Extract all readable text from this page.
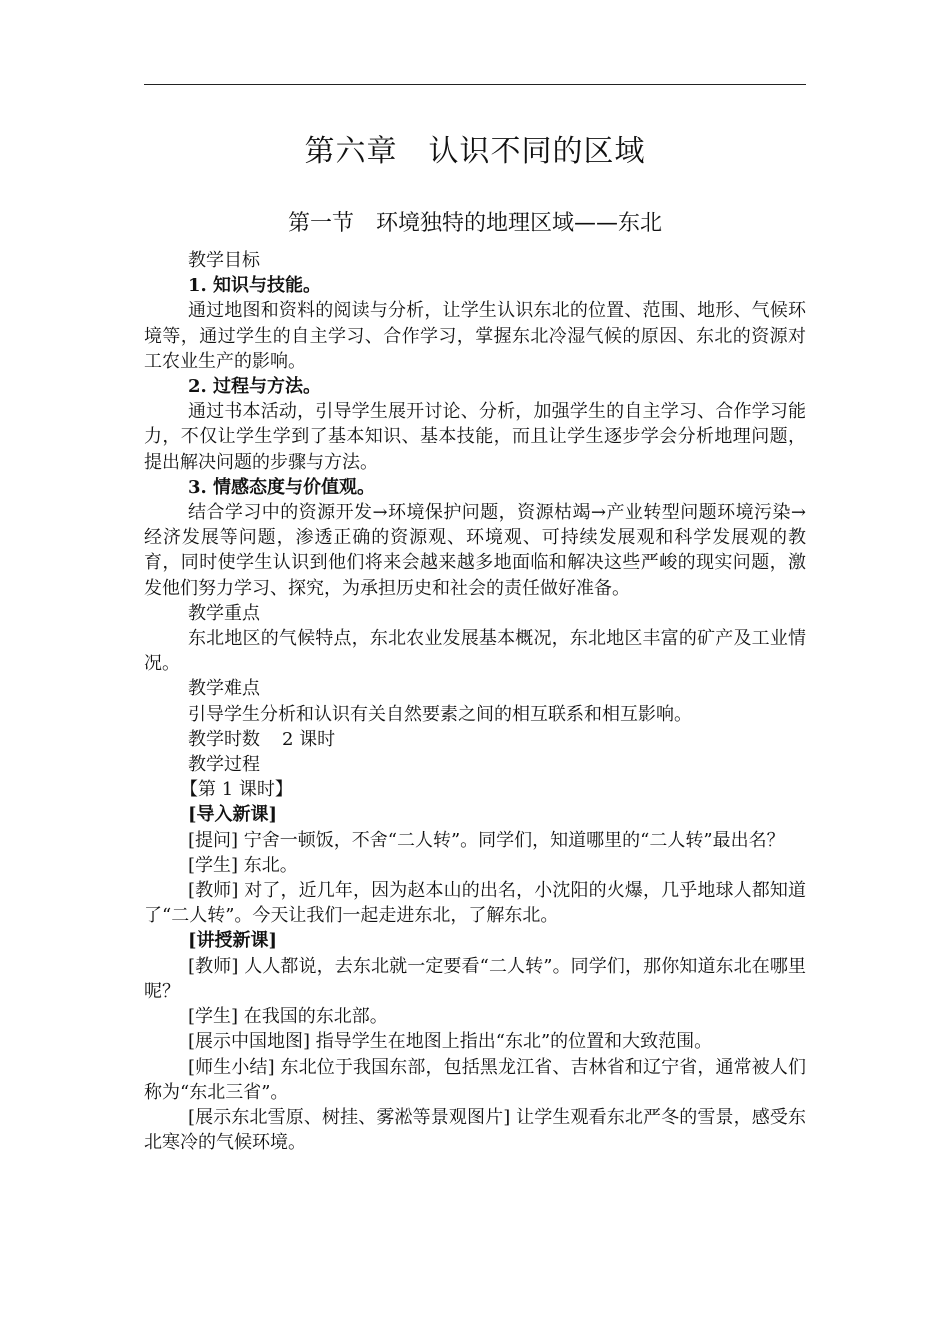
第六章　认识不同的区域
第一节　环境独特的地理区域——东北

教学目标

1. 知识与技能。

通过地图和资料的阅读与分析，让学生认识东北的位置、范围、地形、气候环境等，通过学生的自主学习、合作学习，掌握东北冷湿气候的原因、东北的资源对工农业生产的影响。

2. 过程与方法。

通过书本活动，引导学生展开讨论、分析，加强学生的自主学习、合作学习能力，不仅让学生学到了基本知识、基本技能，而且让学生逐步学会分析地理问题，提出解决问题的步骤与方法。

3. 情感态度与价值观。

结合学习中的资源开发→环境保护问题，资源枯竭→产业转型问题环境污染→经济发展等问题，渗透正确的资源观、环境观、可持续发展观和科学发展观的教育，同时使学生认识到他们将来会越来越多地面临和解决这些严峻的现实问题，激发他们努力学习、探究，为承担历史和社会的责任做好准备。

教学重点

东北地区的气候特点，东北农业发展基本概况，东北地区丰富的矿产及工业情况。

教学难点

引导学生分析和认识有关自然要素之间的相互联系和相互影响。

教学时数 2 课时

教学过程

【第 1 课时】

[导入新课]

[提问] 宁舍一顿饭，不舍“二人转”。同学们，知道哪里的“二人转”最出名？

[学生] 东北。

[教师] 对了，近几年，因为赵本山的出名，小沈阳的火爆，几乎地球人都知道了“二人转”。今天让我们一起走进东北，了解东北。

[讲授新课]

[教师] 人人都说，去东北就一定要看“二人转”。同学们，那你知道东北在哪里呢？

[学生] 在我国的东北部。

[展示中国地图] 指导学生在地图上指出“东北”的位置和大致范围。

[师生小结] 东北位于我国东部，包括黑龙江省、吉林省和辽宁省，通常被人们称为“东北三省”。

[展示东北雪原、树挂、雾淞等景观图片] 让学生观看东北严冬的雪景，感受东北寒冷的气候环境。
